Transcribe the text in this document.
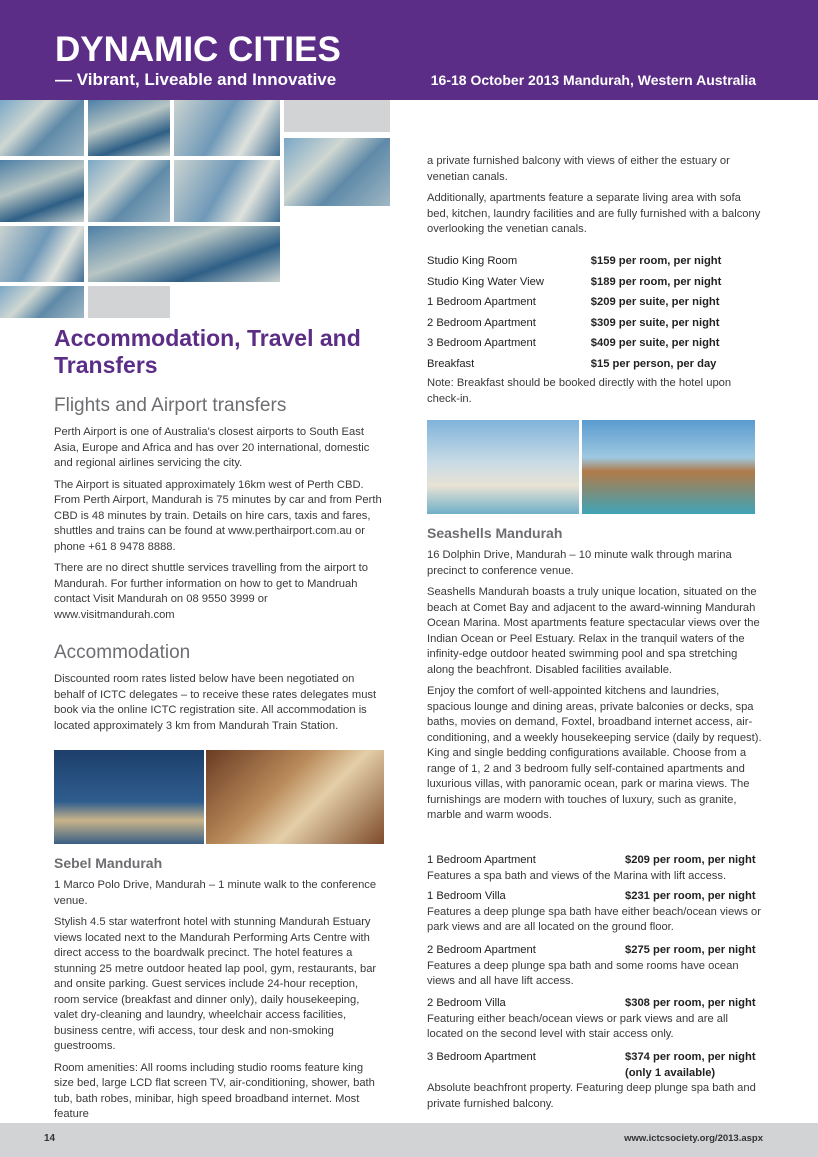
DYNAMIC CITIES
— Vibrant, Liveable and Innovative	16-18 October 2013 Mandurah, Western Australia
Accommodation, Travel and Transfers
Flights and Airport transfers

Perth Airport is one of Australia's closest airports to South East Asia, Europe and Africa and has over 20 international, domestic and regional airlines servicing the city.

The Airport is situated approximately 16km west of Perth CBD. From Perth Airport, Mandurah is 75 minutes by car and from Perth CBD is 48 minutes by train. Details on hire cars, taxis and fares, shuttles and trains can be found at www.perthairport.com.au or phone +61 8 9478 8888.

There are no direct shuttle services travelling from the airport to Mandurah. For further information on how to get to Mandruah contact Visit Mandurah on 08 9550 3999 or www.visitmandurah.com

Accommodation

Discounted room rates listed below have been negotiated on behalf of ICTC delegates – to receive these rates delegates must book via the online ICTC registration site. All accommodation is located approximately 3 km from Mandurah Train Station.

Sebel Mandurah

1 Marco Polo Drive, Mandurah – 1 minute walk to the conference venue.

Stylish 4.5 star waterfront hotel with stunning Mandurah Estuary views located next to the Mandurah Performing Arts Centre with direct access to the boardwalk precinct. The hotel features a stunning 25 metre outdoor heated lap pool, gym, restaurants, bar and onsite parking. Guest services include 24-hour reception, room service (breakfast and dinner only), daily housekeeping, valet dry-cleaning and laundry, wheelchair access facilities, business centre, wifi access, tour desk and non-smoking guestrooms.

Room amenities: All rooms including studio rooms feature king size bed, large LCD flat screen TV, air-conditioning, shower, bath tub, bath robes, minibar, high speed broadband internet. Most feature

a private furnished balcony with views of either the estuary or venetian canals.

Additionally, apartments feature a separate living area with sofa bed, kitchen, laundry facilities and are fully furnished with a balcony overlooking the venetian canals.

Studio King Room	$159 per room, per night
Studio King Water View	$189 per room, per night
1 Bedroom Apartment	$209 per suite, per night
2 Bedroom Apartment	$309 per suite, per night
3 Bedroom Apartment	$409 per suite, per night
Breakfast	$15 per person, per day

Note: Breakfast should be booked directly with the hotel upon check-in.

Seashells Mandurah

16 Dolphin Drive, Mandurah – 10 minute walk through marina precinct to conference venue.

Seashells Mandurah boasts a truly unique location, situated on the beach at Comet Bay and adjacent to the award-winning Mandurah Ocean Marina. Most apartments feature spectacular views over the Indian Ocean or Peel Estuary. Relax in the tranquil waters of the infinity-edge outdoor heated swimming pool and spa stretching along the beachfront. Disabled facilities available.

Enjoy the comfort of well-appointed kitchens and laundries, spacious lounge and dining areas, private balconies or decks, spa baths, movies on demand, Foxtel, broadband internet access, air-conditioning, and a weekly housekeeping service (daily by request). King and single bedding configurations available. Choose from a range of 1, 2 and 3 bedroom fully self-contained apartments and luxurious villas, with panoramic ocean, park or marina views. The furnishings are modern with touches of luxury, such as granite, marble and warm woods.

1 Bedroom Apartment	$209 per room, per night

Features a spa bath and views of the Marina with lift access.

1 Bedroom Villa	$231 per room, per night

Features a deep plunge spa bath have either beach/ocean views or park views and are all located on the ground floor.

2 Bedroom Apartment	$275 per room, per night

Features a deep plunge spa bath and some rooms have ocean views and all have lift access.

2 Bedroom Villa	$308 per room, per night

Featuring either beach/ocean views or park views and are all located on the second level with stair access only.

3 Bedroom Apartment	$374 per room, per night
(only 1 available)

Absolute beachfront property. Featuring deep plunge spa bath and private furnished balcony.

14	www.ictcsociety.org/2013.aspx
